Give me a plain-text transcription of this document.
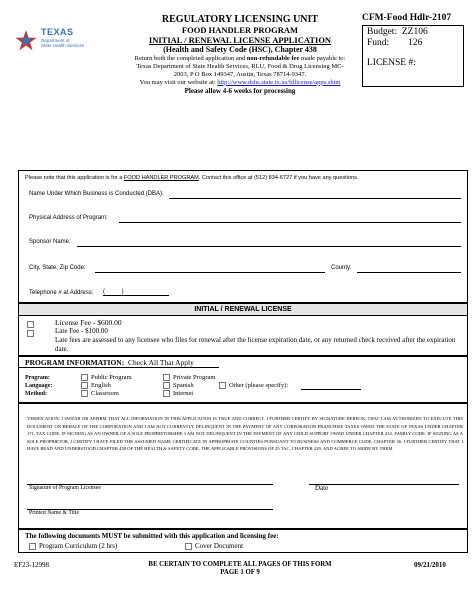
CFM-Food Hdlr-2107
Budget:  ZZ106
Fund:        126
LICENSE #:
TEXAS
Department of
State Health Services
REGULATORY LICENSING UNIT
FOOD HANDLER PROGRAM
INITIAL / RENEWAL LICENSE APPLICATION
(Health and Safety Code (HSC), Chapter 438
Return both the completed application and non-refundable fee made payable to:
Texas Department of State Health Services, RLU, Food & Drug Licensing MC-
2003, P O Box 149347, Austin, Texas 78714-9347.
You may visit our website at: http://www.dshs.state.tx.us/fdlicense/apps.shtm
Please allow 4-6 weeks for processing
Please note that this application is for a FOOD HANDLER PROGRAM. Contact this office at (512) 834-6727 if you have any questions.
Name Under Which Business is Conducted (DBA):
Physical Address of Program:
Sponsor Name:
City, State, Zip Code:	County:
Telephone # at Address: (          )
INITIAL / RENEWAL LICENSE
License Fee - $600.00
Late Fee - $100.00
Late fees are assessed to any licensee who files for renewal after the license expiration date, or any returned check received after the expiration date.
PROGRAM INFORMATION:  Check All That Apply
Program:
Language:
Method:
Public Program	Private Program
English	Spanish	Other (please specify):
Classroom	Internet
VERIFICATION: I SWEAR OR AFFIRM THAT ALL INFORMATION IN THIS APPLICATION IS TRUE AND CORRECT. I FURTHER CERTIFY BY SIGNATURE HEREON, THAT I AM AUTHORIZED TO EXECUTE THIS DOCUMENT ON BEHALF OF THE CORPORATION AND I AM NOT CURRENTLY DELINQUENT IN THE PAYMENT OF ANY CORPORATION FRANCHISE TAXES OWED THE STATE OF TEXAS UNDER CHAPTER 171, TAX CODE. IF SIGNING AS AN OWNER OF A SOLE PROPRIETORSHIP, I AM NOT DELINQUENT IN THE PAYMENT OF ANY CHILD SUPPORT OWED UNDER CHAPTER 232, FAMILY CODE. IF SIGNING AS A SOLE PROPRIETOR, I CERTIFY I HAVE FILED THE ASSUMED NAME CERTIFICATE IN APPROPRIATE COUNTIES PURSUANT TO BUSINESS AND COMMERCE CODE, CHAPTER 36. I FURTHER CERTIFY THAT I HAVE READ AND UNDERSTOOD CHAPTER 438 OF THE HEALTH & SAFETY CODE, THE APPLICABLE PROVISIONS OF 25 TAC, CHAPTER 229, AND AGREE TO ABIDE BY THEM.
Signature of Program Licensee	Date
Printed Name & Title
The following documents MUST be submitted with this application and licensing fee:
Program Curriculum (2 hrs)	Cover Document
EF23-12998	BE CERTAIN TO COMPLETE ALL PAGES OF THIS FORM
PAGE 1 OF 9
09/21/2010
